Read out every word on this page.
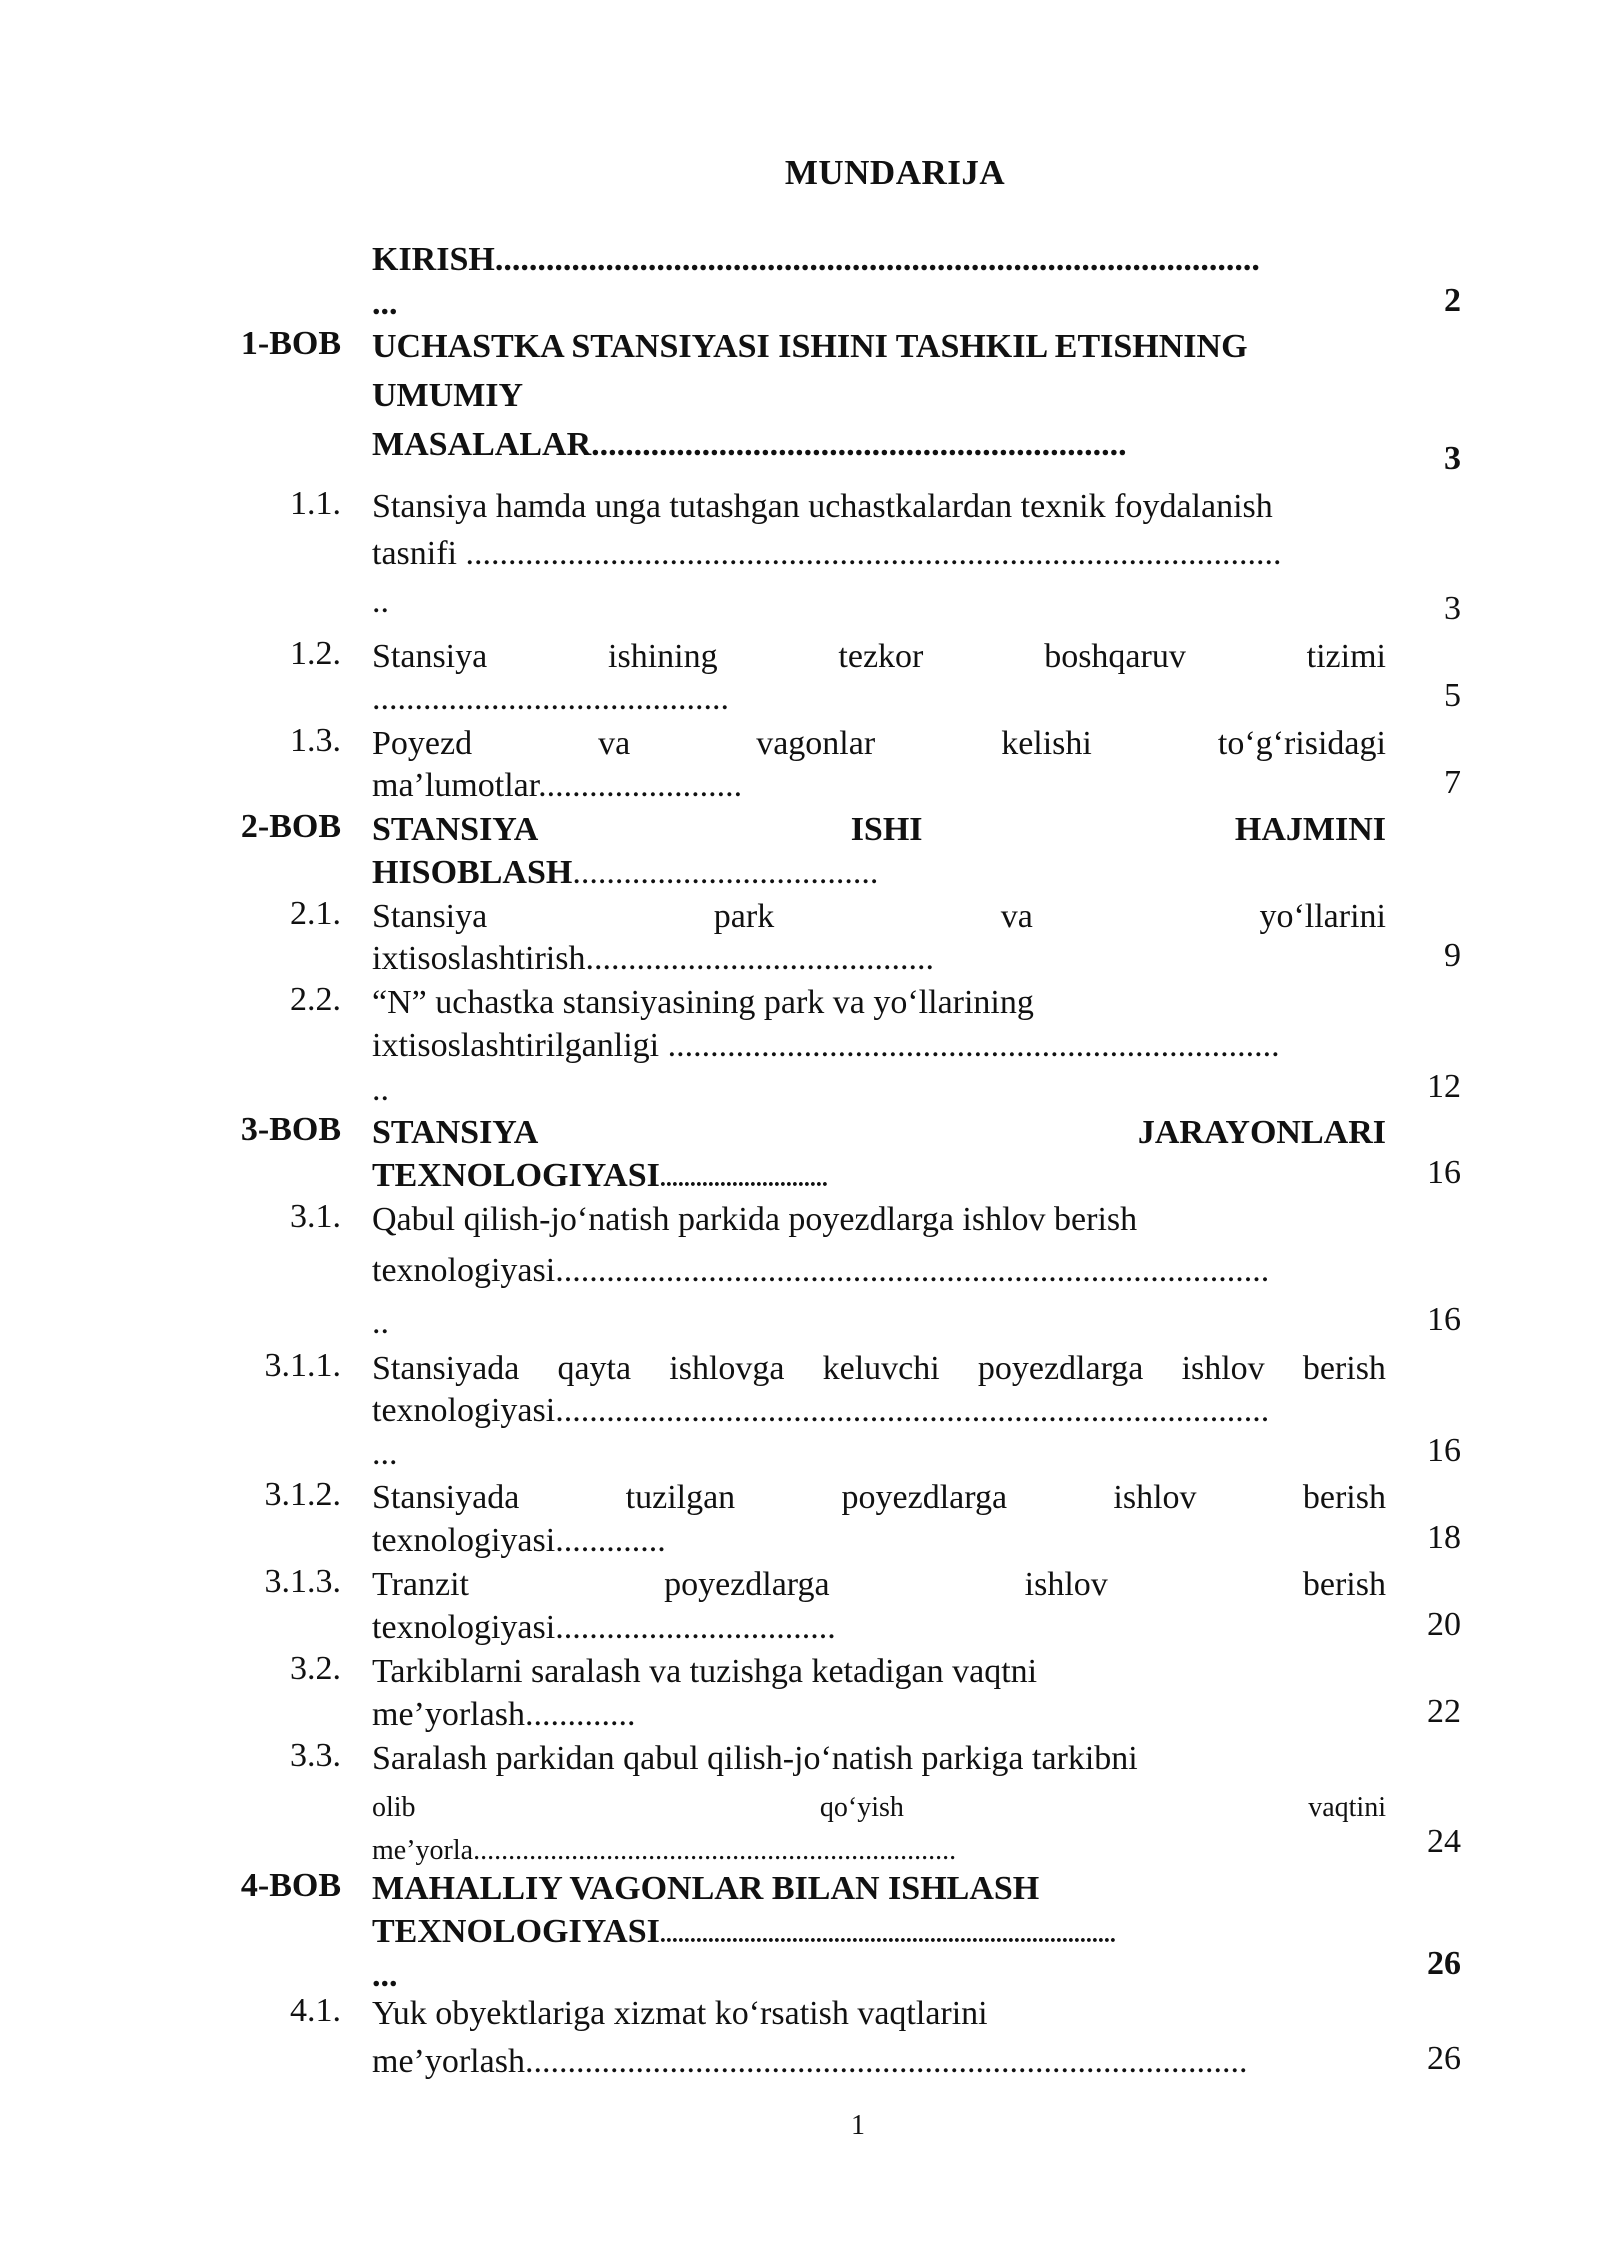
MUNDARIJA
KIRISH..........................................................................................
...	2
1-BOB UCHASTKA STANSIYASI ISHINI TASHKIL ETISHNING
UMUMIY
MASALALAR...............................................................	3
1.1. Stansiya hamda unga tutashgan uchastkalardan texnik foydalanish
tasnifi ................................................................................................
..	3
1.2. Stansiya	ishining	tezkor	boshqaruv	tizimi
..........................................	5
1.3. Poyezd	va	vagonlar	kelishi	to‘g‘risidagi
ma’lumotlar........................	7
2-BOB STANSIYA	ISHI	HAJMINI
HISOBLASH....................................
2.1. Stansiya	park	va	yo‘llarini
ixtisoslashtirish.........................................	9
2.2. “N” uchastka stansiyasining park va yo‘llarining
ixtisoslashtirilganligi ........................................................................
..	12
3-BOB STANSIYA	JARAYONLARI
TEXNOLOGIYASI............................	16
3.1. Qabul qilish-jo‘natish parkida poyezdlarga ishlov berish
texnologiyasi....................................................................................
..	16
3.1.1. Stansiyada qayta ishlovga keluvchi poyezdlarga ishlov berish
texnologiyasi....................................................................................
...	16
3.1.2. Stansiyada	tuzilgan	poyezdlarga	ishlov	berish
texnologiyasi.............	18
3.1.3. Tranzit	poyezdlarga	ishlov	berish
texnologiyasi.................................	20
3.2. Tarkiblarni saralash va tuzishga ketadigan vaqtni
me’yorlash.............	22
3.3. Saralash parkidan qabul qilish-jo‘natish parkiga tarkibni
olib	qo‘yish	vaqtini
me’yorla.....................................................................	24
4-BOB MAHALLIY VAGONLAR BILAN ISHLASH
TEXNOLOGIYASI............................................................................
...	26
4.1. Yuk obyektlariga xizmat ko‘rsatish vaqtlarini
me’yorlash.....................................................................................	26
1
